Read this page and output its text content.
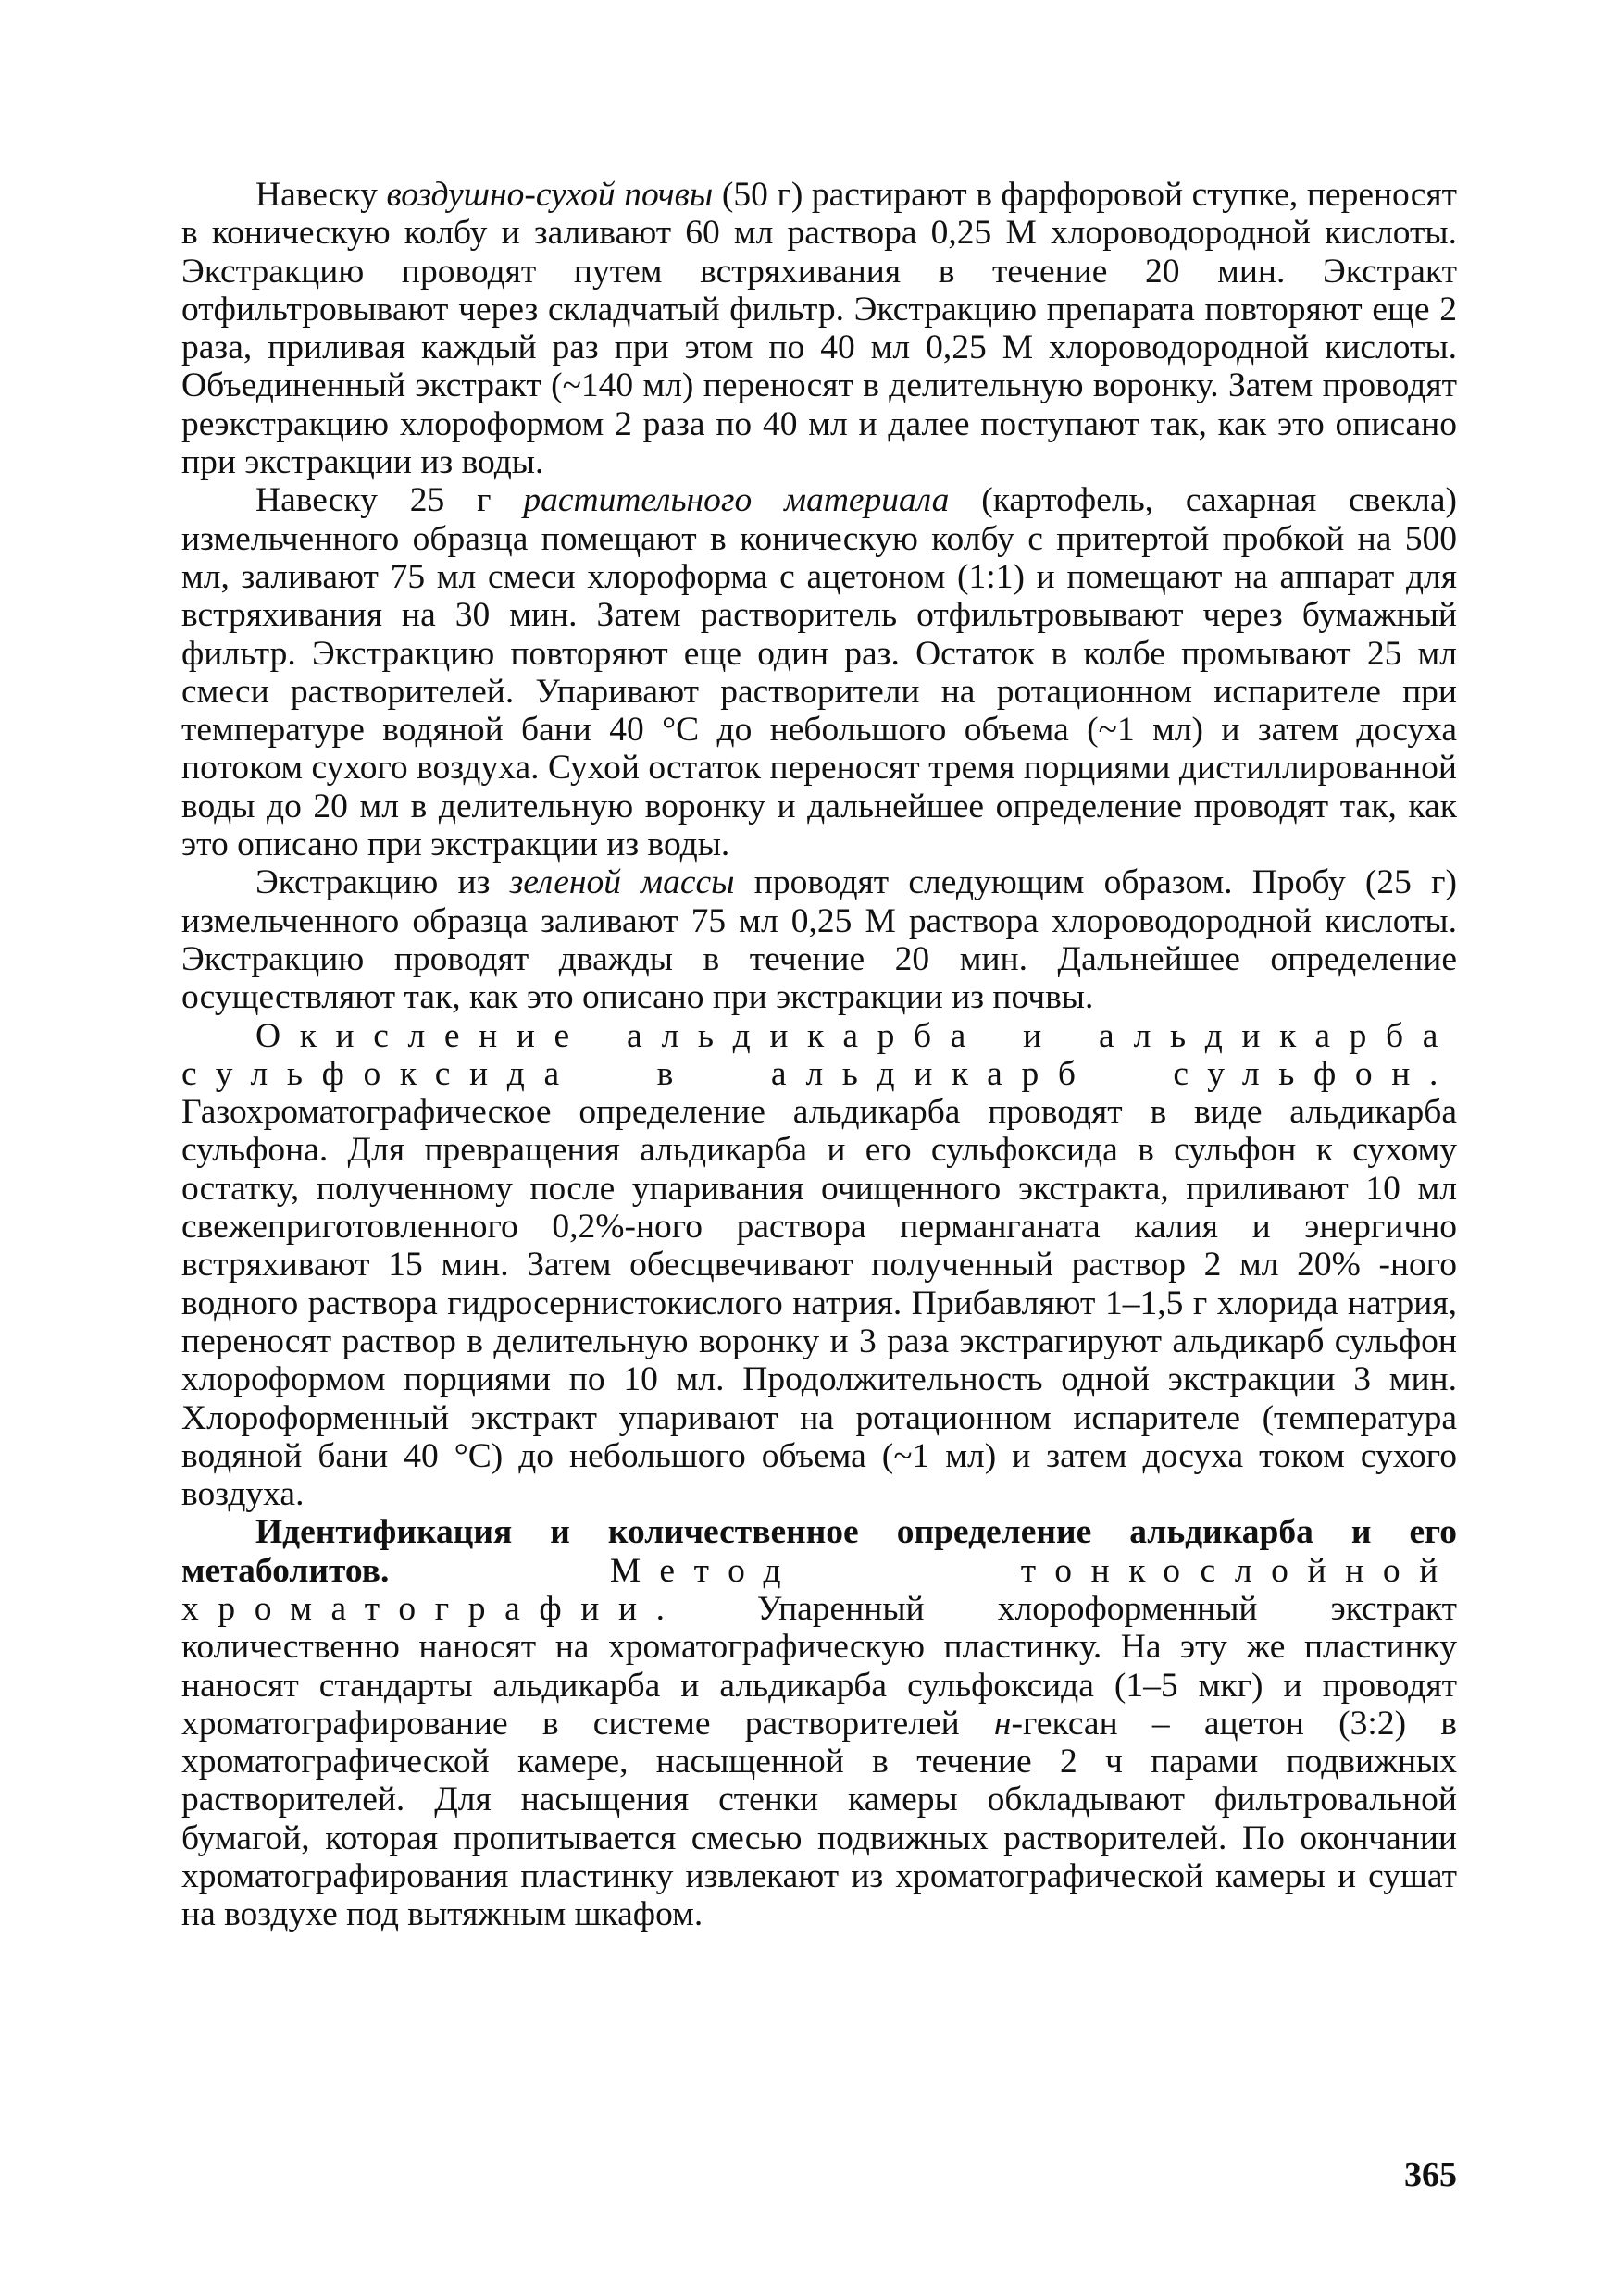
Навеску воздушно-сухой почвы (50 г) растирают в фарфоровой ступке, переносят в коническую колбу и заливают 60 мл раствора 0,25 М хлороводородной кислоты. Экстракцию проводят путем встряхивания в течение 20 мин. Экстракт отфильтровывают через складчатый фильтр. Экстракцию препарата повторяют еще 2 раза, приливая каждый раз при этом по 40 мл 0,25 М хлороводородной кислоты. Объединенный экстракт (~140 мл) переносят в делительную воронку. Затем проводят реэкстракцию хлороформом 2 раза по 40 мл и далее поступают так, как это описано при экстракции из воды.

Навеску 25 г растительного материала (картофель, сахарная свекла) измельченного образца помещают в коническую колбу с притертой пробкой на 500 мл, заливают 75 мл смеси хлороформа с ацетоном (1:1) и помещают на аппарат для встряхивания на 30 мин. Затем растворитель отфильтровывают через бумажный фильтр. Экстракцию повторяют еще один раз. Остаток в колбе промывают 25 мл смеси растворителей. Упаривают растворители на ротационном испарителе при температуре водяной бани 40 °С до небольшого объема (~1 мл) и затем досуха потоком сухого воздуха. Сухой остаток переносят тремя порциями дистиллированной воды до 20 мл в делительную воронку и дальнейшее определение проводят так, как это описано при экстракции из воды.

Экстракцию из зеленой массы проводят следующим образом. Пробу (25 г) измельченного образца заливают 75 мл 0,25 М раствора хлороводородной кислоты. Экстракцию проводят дважды в течение 20 мин. Дальнейшее определение осуществляют так, как это описано при экстракции из почвы.

Окисление альдикарба и альдикарба сульфоксида в альдикарб сульфон. Газохроматографическое определение альдикарба проводят в виде альдикарба сульфона. Для превращения альдикарба и его сульфоксида в сульфон к сухому остатку, полученному после упаривания очищенного экстракта, приливают 10 мл свежеприготовленного 0,2%-ного раствора перманганата калия и энергично встряхивают 15 мин. Затем обесцвечивают полученный раствор 2 мл 20% -ного водного раствора гидросернистокислого натрия. Прибавляют 1–1,5 г хлорида натрия, переносят раствор в делительную воронку и 3 раза экстрагируют альдикарб сульфон хлороформом порциями по 10 мл. Продолжительность одной экстракции 3 мин. Хлороформенный экстракт упаривают на ротационном испарителе (температура водяной бани 40 °С) до небольшого объема (~1 мл) и затем досуха током сухого воздуха.

Идентификация и количественное определение альдикарба и его метаболитов. Метод тонкослойной хроматографии. Упаренный хлороформенный экстракт количественно наносят на хроматографическую пластинку. На эту же пластинку наносят стандарты альдикарба и альдикарба сульфоксида (1–5 мкг) и проводят хроматографирование в системе растворителей н-гексан – ацетон (3:2) в хроматографической камере, насыщенной в течение 2 ч парами подвижных растворителей. Для насыщения стенки камеры обкладывают фильтровальной бумагой, которая пропитывается смесью подвижных растворителей. По окончании хроматографирования пластинку извлекают из хроматографической камеры и сушат на воздухе под вытяжным шкафом.

365
